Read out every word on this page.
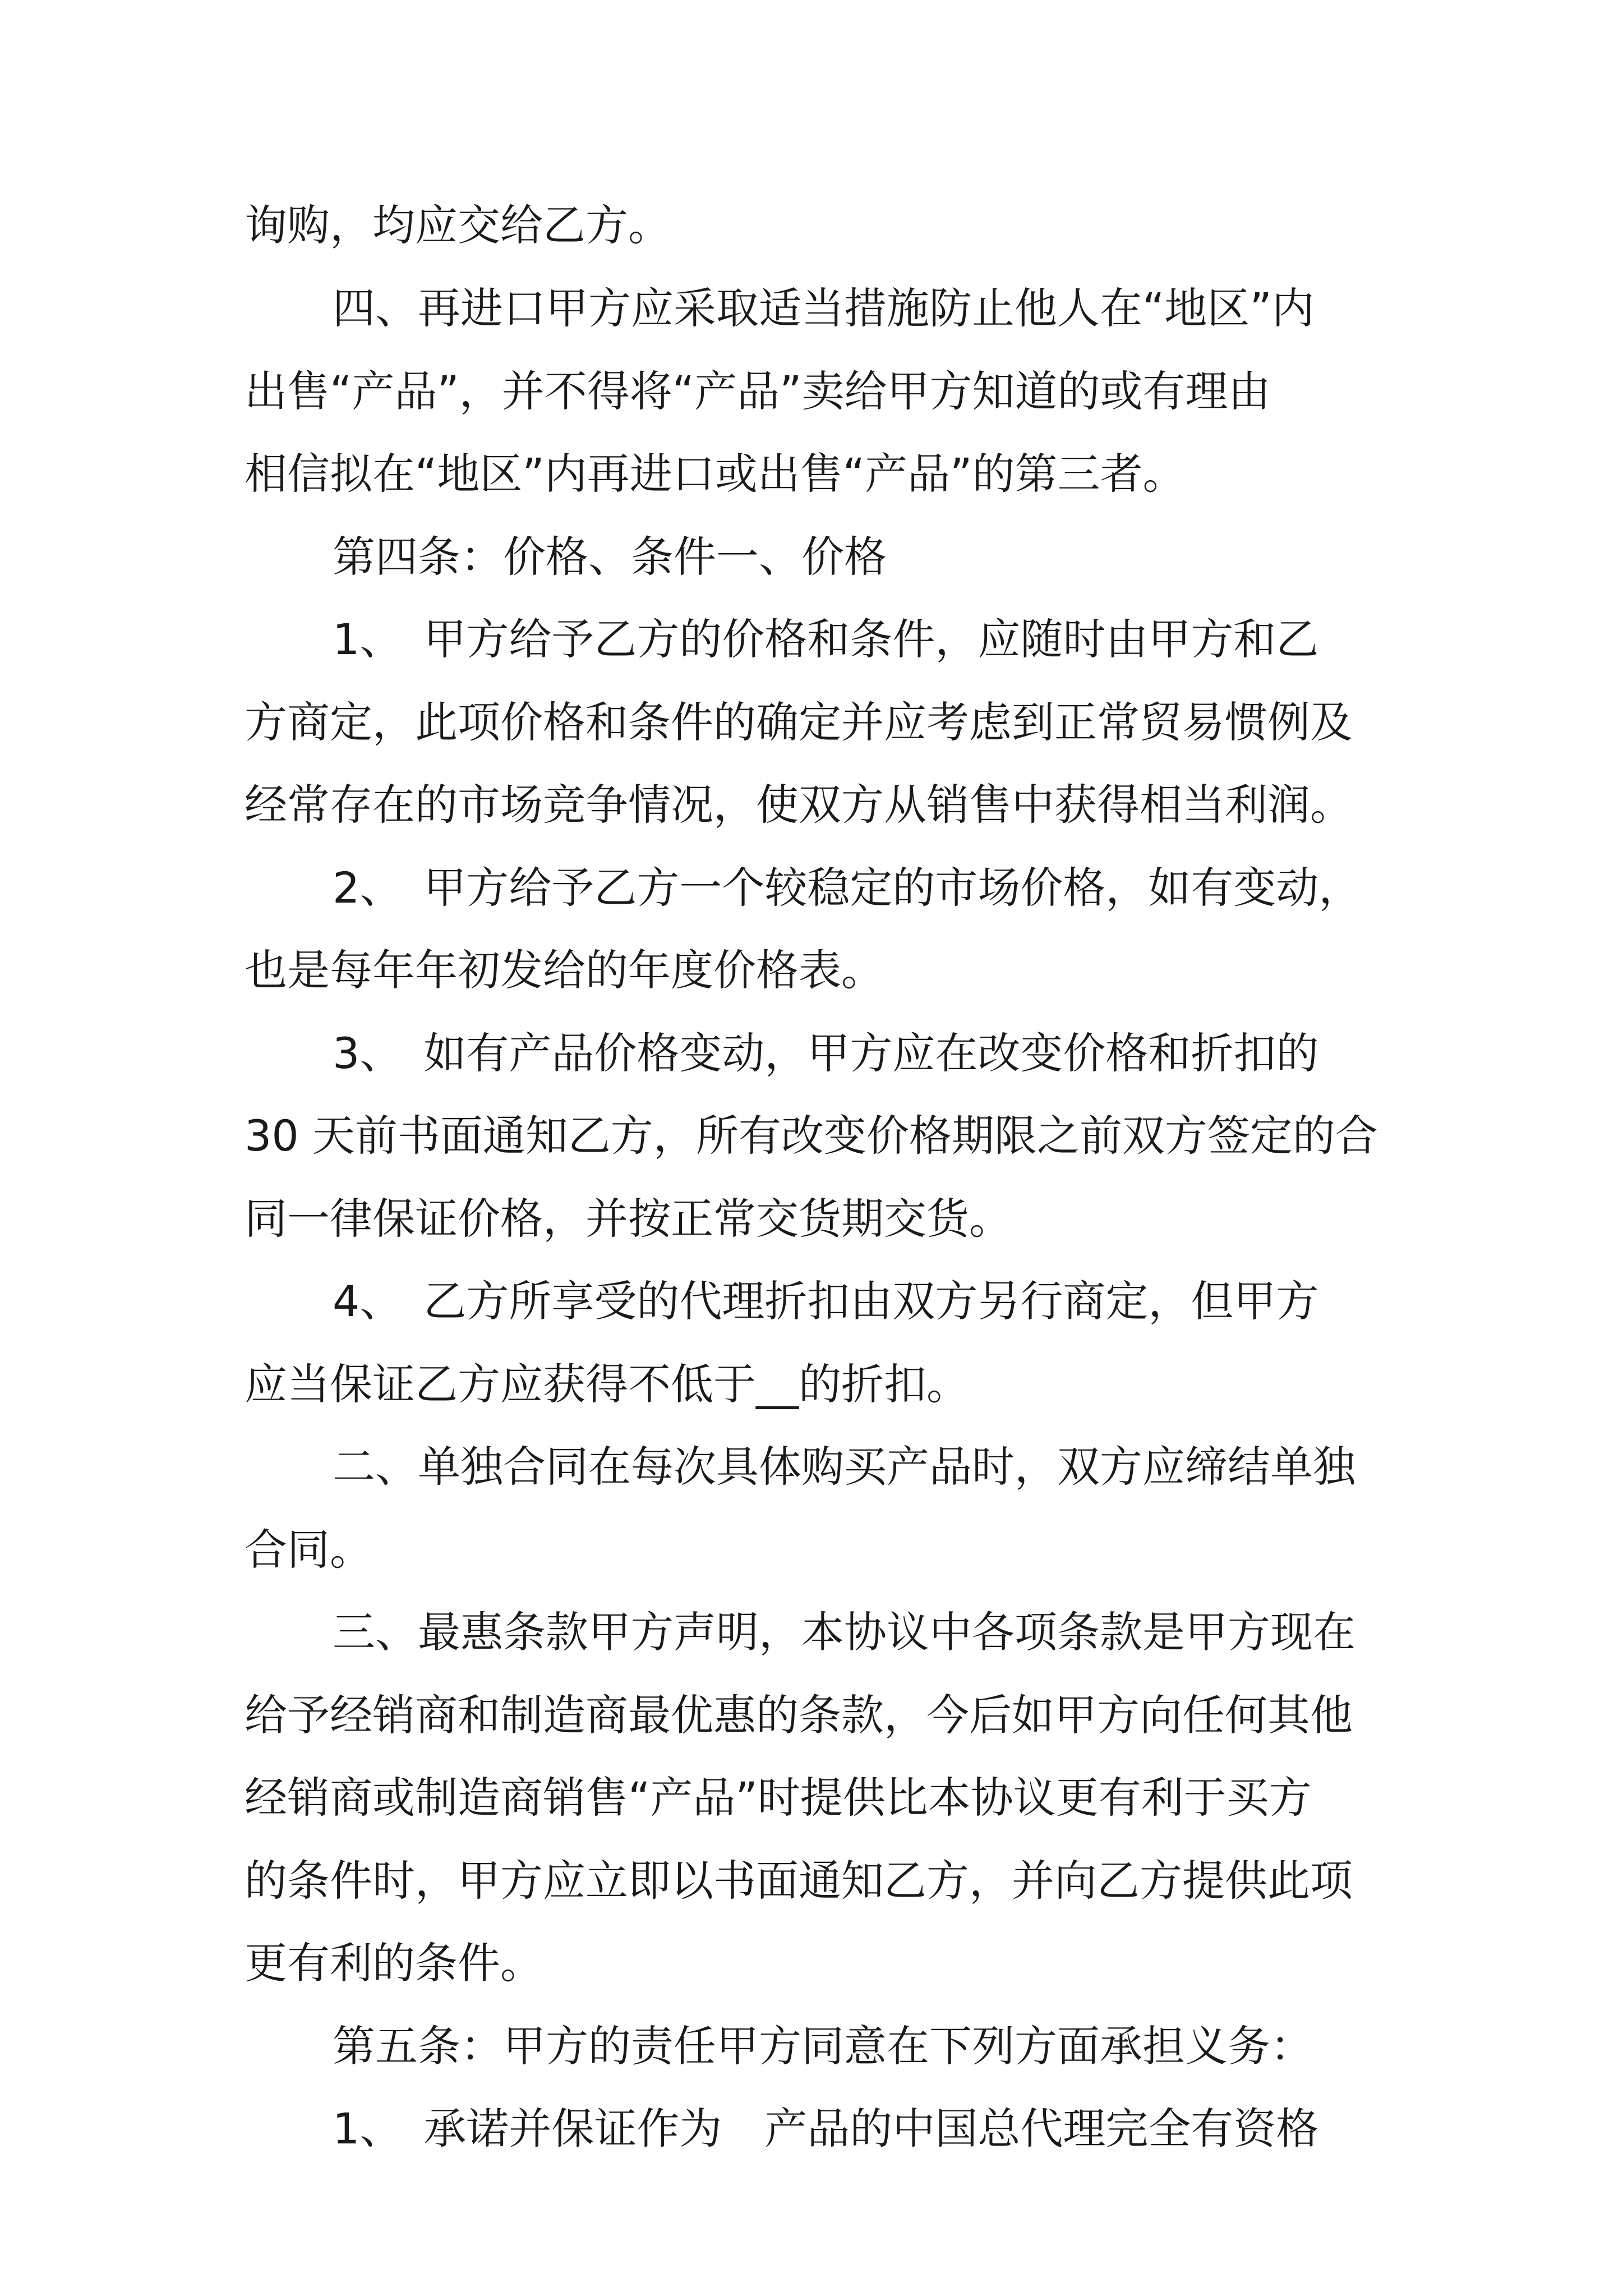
询购，均应交给乙方。
四、再进口甲方应采取适当措施防止他人在“地区”内
出售“产品”，并不得将“产品”卖给甲方知道的或有理由
相信拟在“地区”内再进口或出售“产品”的第三者。
第四条：价格、条件一、价格
1、　甲方给予乙方的价格和条件，应随时由甲方和乙
方商定，此项价格和条件的确定并应考虑到正常贸易惯例及
经常存在的市场竞争情况，使双方从销售中获得相当利润。
2、　甲方给予乙方一个较稳定的市场价格，如有变动，
也是每年年初发给的年度价格表。
3、　如有产品价格变动，甲方应在改变价格和折扣的
30 天前书面通知乙方，所有改变价格期限之前双方签定的合
同一律保证价格，并按正常交货期交货。
4、　乙方所享受的代理折扣由双方另行商定，但甲方
应当保证乙方应获得不低于__的折扣。
二、单独合同在每次具体购买产品时，双方应缔结单独
合同。
三、最惠条款甲方声明，本协议中各项条款是甲方现在
给予经销商和制造商最优惠的条款，今后如甲方向任何其他
经销商或制造商销售“产品”时提供比本协议更有利于买方
的条件时，甲方应立即以书面通知乙方，并向乙方提供此项
更有利的条件。
第五条：甲方的责任甲方同意在下列方面承担义务：
1、　承诺并保证作为　产品的中国总代理完全有资格
